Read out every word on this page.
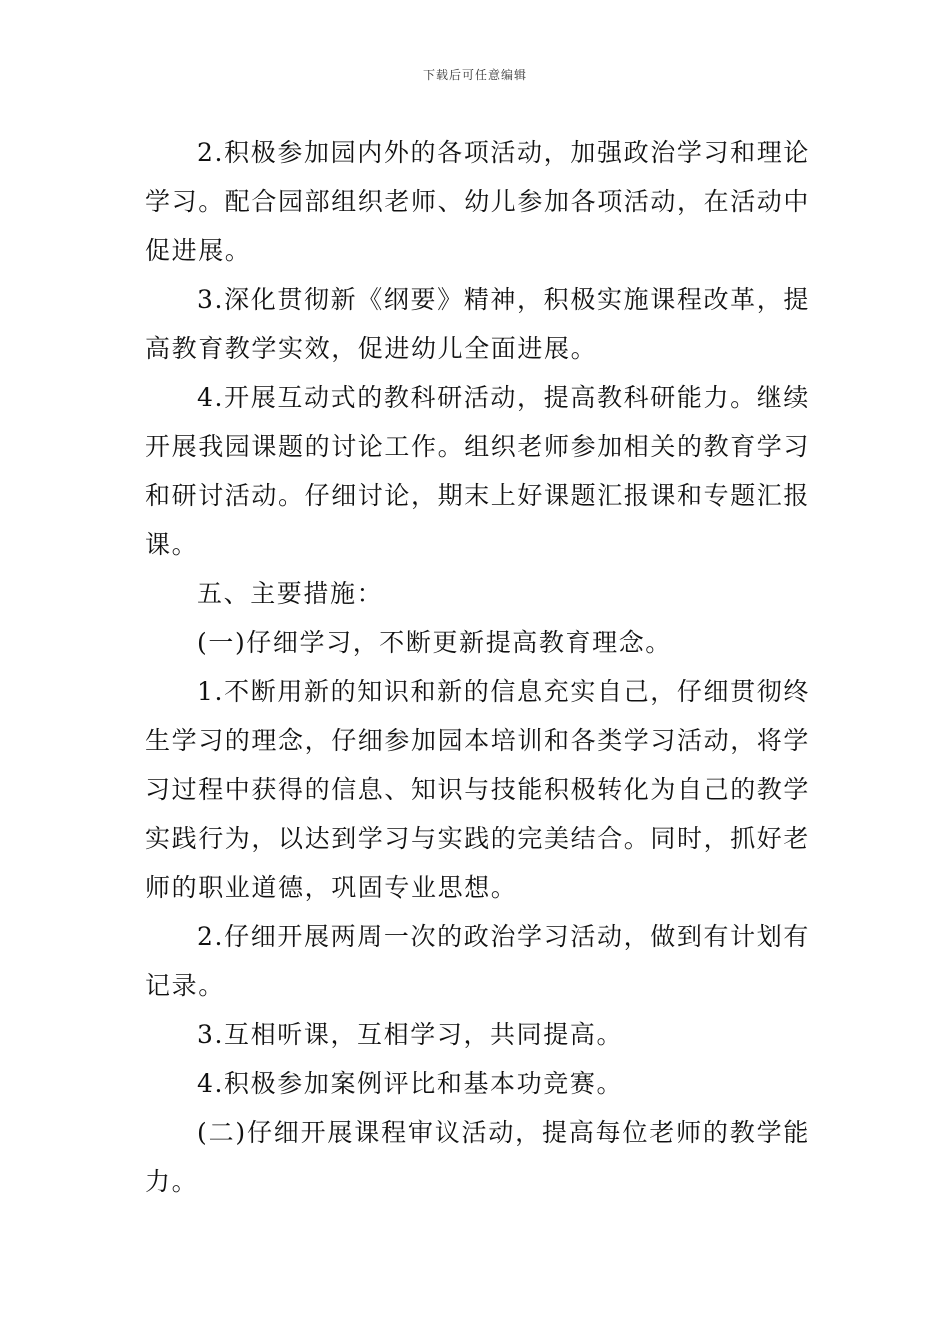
下载后可任意编辑

2.积极参加园内外的各项活动，加强政治学习和理论学习。配合园部组织老师、幼儿参加各项活动，在活动中促进展。

3.深化贯彻新《纲要》精神，积极实施课程改革，提高教育教学实效，促进幼儿全面进展。

4.开展互动式的教科研活动，提高教科研能力。继续开展我园课题的讨论工作。组织老师参加相关的教育学习和研讨活动。仔细讨论，期末上好课题汇报课和专题汇报课。

五、主要措施：

(一)仔细学习，不断更新提高教育理念。

1.不断用新的知识和新的信息充实自己，仔细贯彻终生学习的理念，仔细参加园本培训和各类学习活动，将学习过程中获得的信息、知识与技能积极转化为自己的教学实践行为，以达到学习与实践的完美结合。同时，抓好老师的职业道德，巩固专业思想。

2.仔细开展两周一次的政治学习活动，做到有计划有记录。

3.互相听课，互相学习，共同提高。

4.积极参加案例评比和基本功竞赛。

(二)仔细开展课程审议活动，提高每位老师的教学能力。
